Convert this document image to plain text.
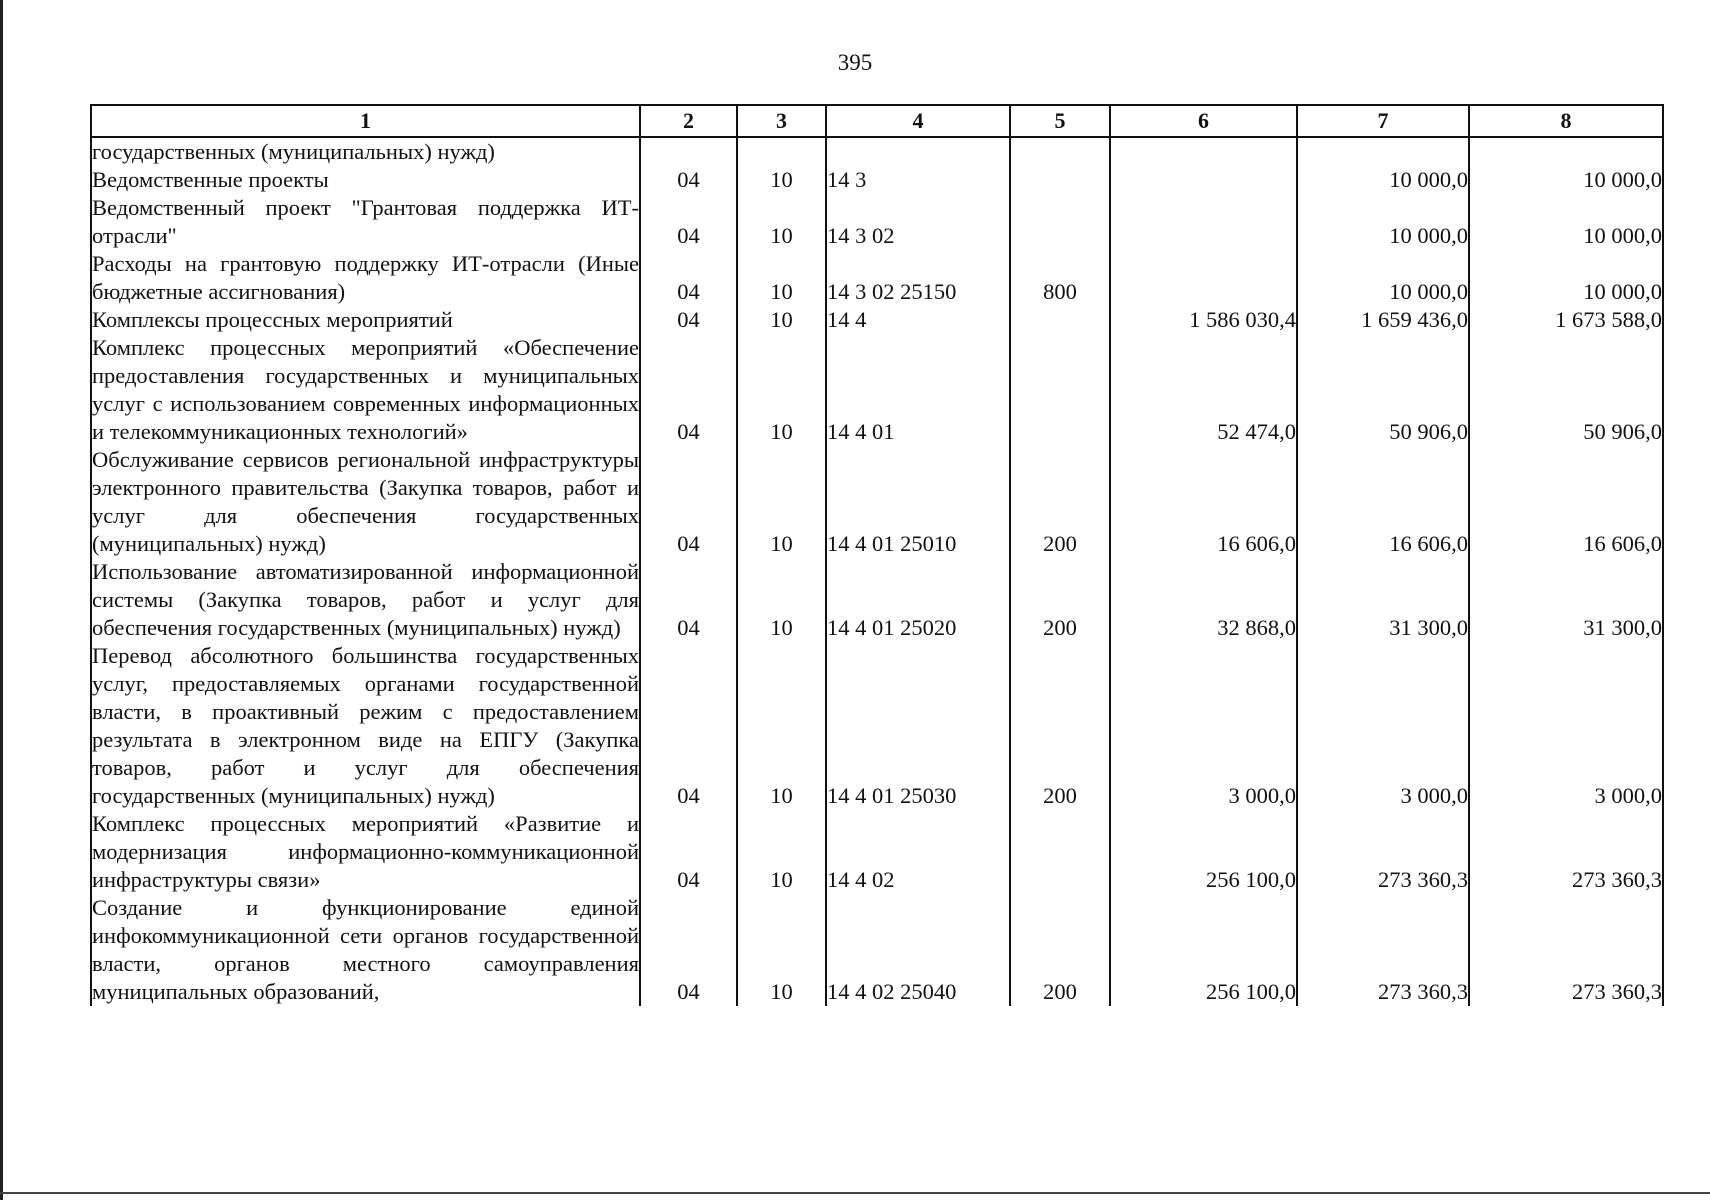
395
1	2	3	4	5	6	7	8
государственных (муниципальных) нужд)							
Ведомственные проекты	04	10	14 3			10 000,0	10 000,0
Ведомственный проект "Грантовая поддержка ИТ-отрасли"	04	10	14 3 02			10 000,0	10 000,0
Расходы на грантовую поддержку ИТ-отрасли (Иные бюджетные ассигнования)	04	10	14 3 02 25150	800		10 000,0	10 000,0
Комплексы процессных мероприятий	04	10	14 4		1 586 030,4	1 659 436,0	1 673 588,0
Комплекс процессных мероприятий «Обеспечение предоставления государственных и муниципальных услуг с использованием современных информационных и телекоммуникационных технологий»	04	10	14 4 01		52 474,0	50 906,0	50 906,0
Обслуживание сервисов региональной инфраструктуры электронного правительства (Закупка товаров, работ и услуг для обеспечения государственных (муниципальных) нужд)	04	10	14 4 01 25010	200	16 606,0	16 606,0	16 606,0
Использование автоматизированной информационной системы (Закупка товаров, работ и услуг для обеспечения государственных (муниципальных) нужд)	04	10	14 4 01 25020	200	32 868,0	31 300,0	31 300,0
Перевод абсолютного большинства государственных услуг, предоставляемых органами государственной власти, в проактивный режим с предоставлением результата в электронном виде на ЕПГУ (Закупка товаров, работ и услуг для обеспечения государственных (муниципальных) нужд)	04	10	14 4 01 25030	200	3 000,0	3 000,0	3 000,0
Комплекс процессных мероприятий «Развитие и модернизация информационно-коммуникационной инфраструктуры связи»	04	10	14 4 02		256 100,0	273 360,3	273 360,3
Создание и функционирование единой инфокоммуникационной сети органов государственной власти, органов местного самоуправления муниципальных образований,	04	10	14 4 02 25040	200	256 100,0	273 360,3	273 360,3
